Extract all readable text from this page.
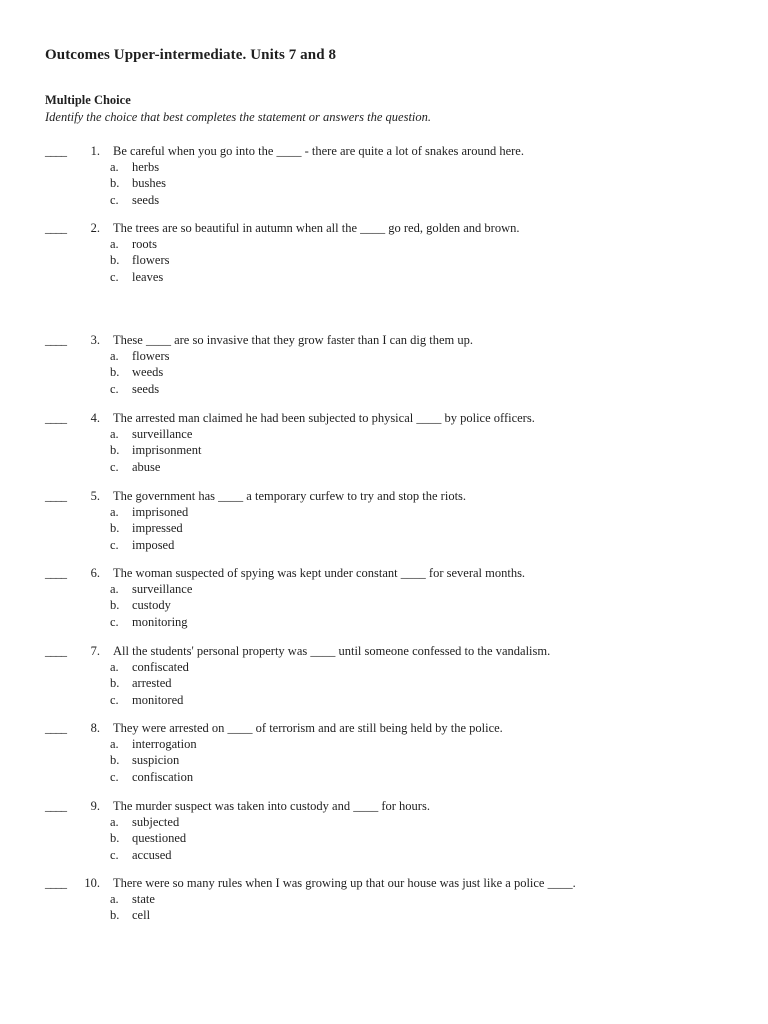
Outcomes Upper-intermediate. Units 7 and 8
Multiple Choice
Identify the choice that best completes the statement or answers the question.
____	1. Be careful when you go into the ____ - there are quite a lot of snakes around here.
a. herbs
b. bushes
c. seeds
____	2. The trees are so beautiful in autumn when all the ____ go red, golden and brown.
a. roots
b. flowers
c. leaves
____	3. These ____ are so invasive that they grow faster than I can dig them up.
a. flowers
b. weeds
c. seeds
____	4. The arrested man claimed he had been subjected to physical ____ by police officers.
a. surveillance
b. imprisonment
c. abuse
____	5. The government has ____ a temporary curfew to try and stop the riots.
a. imprisoned
b. impressed
c. imposed
____	6. The woman suspected of spying was kept under constant ____ for several months.
a. surveillance
b. custody
c. monitoring
____	7. All the students' personal property was ____ until someone confessed to the vandalism.
a. confiscated
b. arrested
c. monitored
____	8. They were arrested on ____ of terrorism and are still being held by the police.
a. interrogation
b. suspicion
c. confiscation
____	9. The murder suspect was taken into custody and ____ for hours.
a. subjected
b. questioned
c. accused
____	10. There were so many rules when I was growing up that our house was just like a police ____.
a. state
b. cell
